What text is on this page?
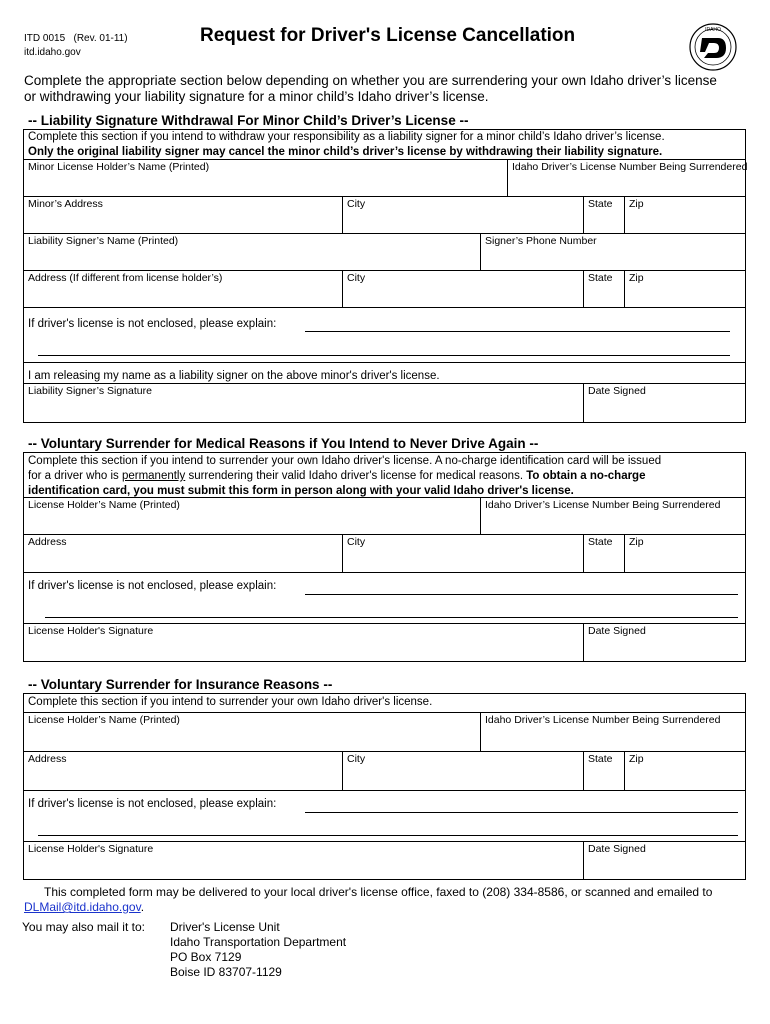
ITD 0015 (Rev. 01-11)
itd.idaho.gov
Request for Driver's License Cancellation	IDAHO
Complete the appropriate section below depending on whether you are surrendering your own Idaho driver’s license
or withdrawing your liability signature for a minor child’s Idaho driver’s license.
-- Liability Signature Withdrawal For Minor Child’s Driver’s License --
Complete this section if you intend to withdraw your responsibility as a liability signer for a minor child’s Idaho driver’s license.
Only the original liability signer may cancel the minor child’s driver’s license by withdrawing their liability signature.
Minor License Holder’s Name (Printed)	Idaho Driver’s License Number Being Surrendered
Minor’s Address	City	State Zip
Liability Signer’s Name (Printed)	Signer’s Phone Number
Address (If different from license holder’s)	City	State Zip
If driver's license is not enclosed, please explain:
I am releasing my name as a liability signer on the above minor's driver's license.
Liability Signer’s Signature	Date Signed
-- Voluntary Surrender for Medical Reasons if You Intend to Never Drive Again --
Complete this section if you intend to surrender your own Idaho driver's license. A no-charge identification card will be issued
for a driver who is permanently surrendering their valid Idaho driver's license for medical reasons. To obtain a no-charge
identification card, you must submit this form in person along with your valid Idaho driver's license.
License Holder’s Name (Printed)	Idaho Driver’s License Number Being Surrendered
Address	City	State Zip
If driver's license is not enclosed, please explain:
License Holder's Signature	Date Signed
-- Voluntary Surrender for Insurance Reasons --
Complete this section if you intend to surrender your own Idaho driver's license.
License Holder’s Name (Printed)	Idaho Driver’s License Number Being Surrendered
Address	City	State Zip
If driver's license is not enclosed, please explain:
License Holder's Signature	Date Signed
This completed form may be delivered to your local driver's license office, faxed to (208) 334-8586, or scanned and emailed to
DLMail@itd.idaho.gov.
You may also mail it to: Driver's License Unit
Idaho Transportation Department
PO Box 7129
Boise ID 83707-1129
